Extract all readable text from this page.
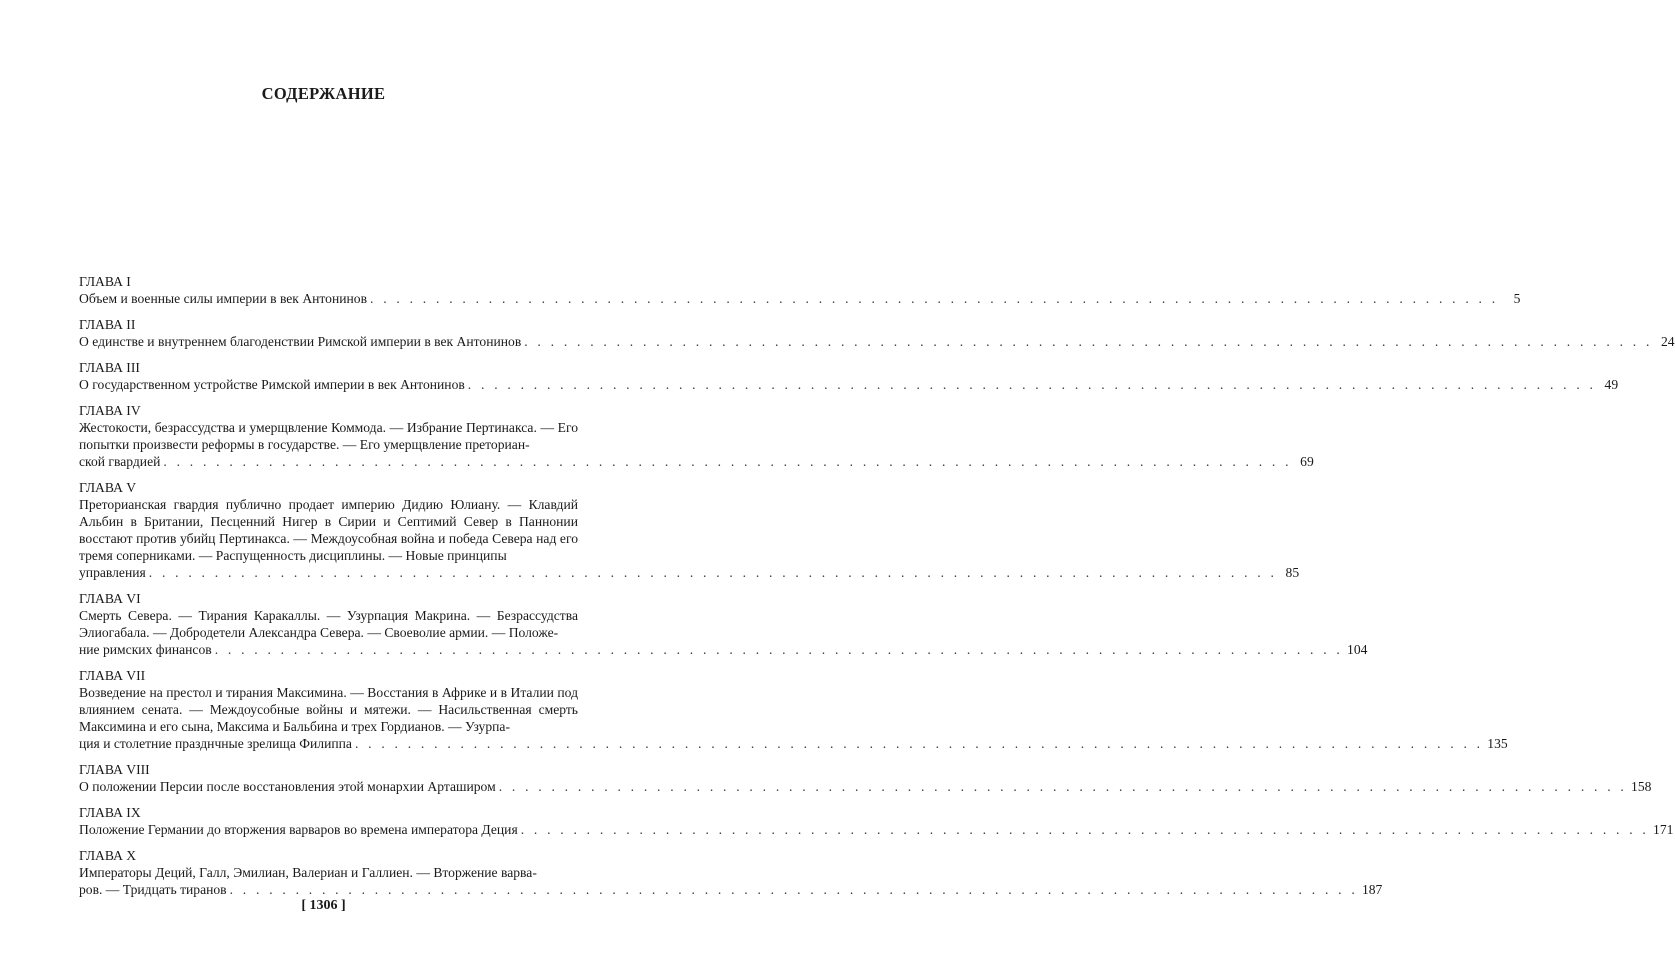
СОДЕРЖАНИЕ
ГЛАВА I
Объем и военные силы империи в век Антонинов . . .	5
ГЛАВА II
О единстве и внутреннем благоденствии Римской империи в век Антонинов . . .	24
ГЛАВА III
О государственном устройстве Римской империи в век Антонинов . . .	49
ГЛАВА IV
Жестокости, безрассудства и умерщвление Коммода. — Избрание Пертинакса. — Его попытки произвести реформы в государстве. — Его умерщвление преториан-
ской гвардией . . .	69
ГЛАВА V
Преторианская гвардия публично продает империю Дидию Юлиану. — Клавдий Альбин в Британии, Песценний Нигер в Сирии и Септимий Север в Паннонии восстают против убийц Пертинакса. — Междоусобная война и победа Севера над его тремя соперниками. — Распущенность дисциплины. — Новые принципы
управления . . .	85
ГЛАВА VI
Смерть Севера. — Тирания Каракаллы. — Узурпация Макрина. — Безрассудства Элиогабала. — Добродетели Александра Севера. — Своеволие армии. — Положе-
ние римских финансов . . .	104
ГЛАВА VII
Возведение на престол и тирания Максимина. — Восстания в Африке и в Италии под влиянием сената. — Междоусобные войны и мятежи. — Насильственная смерть Максимина и его сына, Максима и Бальбина и трех Гордианов. — Узурпа-
ция и столетние празднчные зрелища Филиппа . . .	135
ГЛАВА VIII
О положении Персии после восстановления этой монархии Арташиром . . .	158
ГЛАВА IX
Положение Германии до вторжения варваров во времена императора Деция . . .	171
ГЛАВА X
Императоры Деций, Галл, Эмилиан, Валериан и Галлиен. — Вторжение варва-
ров. — Тридцать тиранов . . .	187
[ 1306 ]
